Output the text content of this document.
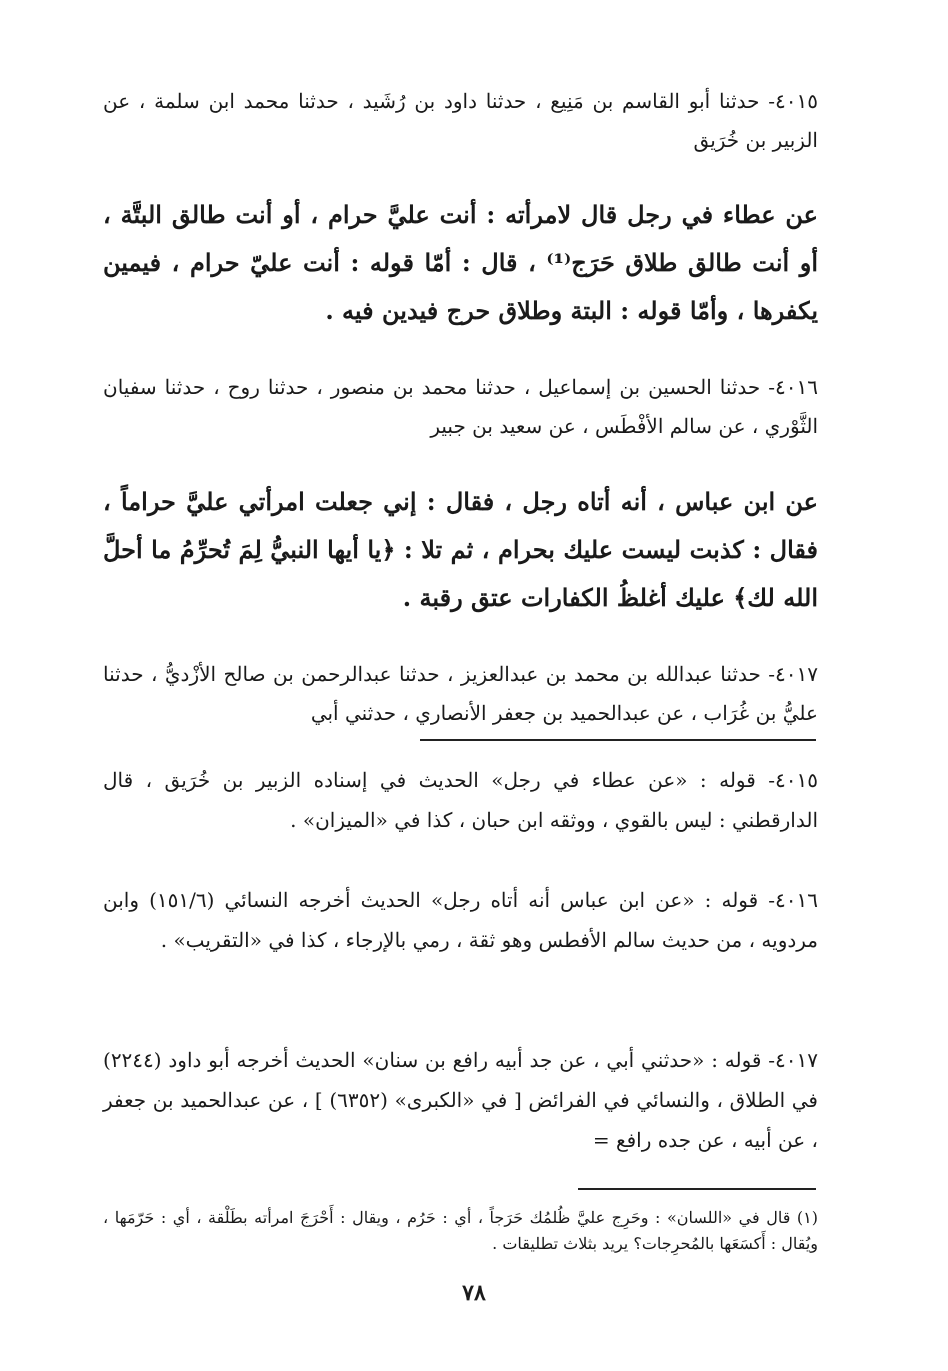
٤٠١٥- حدثنا أبو القاسم بن مَنِيع ، حدثنا داود بن رُشَيد ، حدثنا محمد ابن سلمة ، عن الزبير بن خُرَيق

عن عطاء في رجل قال لامرأته : أنت عليَّ حرام ، أو أنت طالق البتَّة ، أو أنت طالق طلاق حَرَج⁽¹⁾ ، قال : أمّا قوله : أنت عليّ حرام ، فيمين يكفرها ، وأمّا قوله : البتة وطلاق حرج فيدين فيه .

٤٠١٦- حدثنا الحسين بن إسماعيل ، حدثنا محمد بن منصور ، حدثنا روح ، حدثنا سفيان الثَّوْري ، عن سالم الأفْطَس ، عن سعيد بن جبير

عن ابن عباس ، أنه أتاه رجل ، فقال : إني جعلت امرأتي عليَّ حراماً ، فقال : كذبت ليست عليك بحرام ، ثم تلا : ﴿يا أيها النبيُّ لِمَ تُحرِّمُ ما أحلَّ الله لك﴾ عليك أغلظُ الكفارات عتق رقبة .

٤٠١٧- حدثنا عبدالله بن محمد بن عبدالعزيز ، حدثنا عبدالرحمن بن صالح الأزْديُّ ، حدثنا عليُّ بن غُرَاب ، عن عبدالحميد بن جعفر الأنصاري ، حدثني أبي

٤٠١٥- قوله : «عن عطاء في رجل» الحديث في إسناده الزبير بن خُرَيق ، قال الدارقطني : ليس بالقوي ، ووثقه ابن حبان ، كذا في «الميزان» .

٤٠١٦- قوله : «عن ابن عباس أنه أتاه رجل» الحديث أخرجه النسائي (١٥١/٦) وابن مردويه ، من حديث سالم الأفطس وهو ثقة ، رمي بالإرجاء ، كذا في «التقريب» .

٤٠١٧- قوله : «حدثني أبي ، عن جد أبيه رافع بن سنان» الحديث أخرجه أبو داود (٢٢٤٤) في الطلاق ، والنسائي في الفرائض [ في «الكبرى» (٦٣٥٢) ] ، عن عبدالحميد بن جعفر ، عن أبيه ، عن جده رافع =

(١) قال في «اللسان» : وحَرِج عليَّ ظُلمُك حَرَجاً ، أي : حَرُم ، ويقال : أَحْرَجَ امرأته بطَلْقة ، أي : حَرّمَها ، ويُقال : أَكسَعَها بالمُحرِجات؟ يريد بثلاث تطليقات .

٧٨
